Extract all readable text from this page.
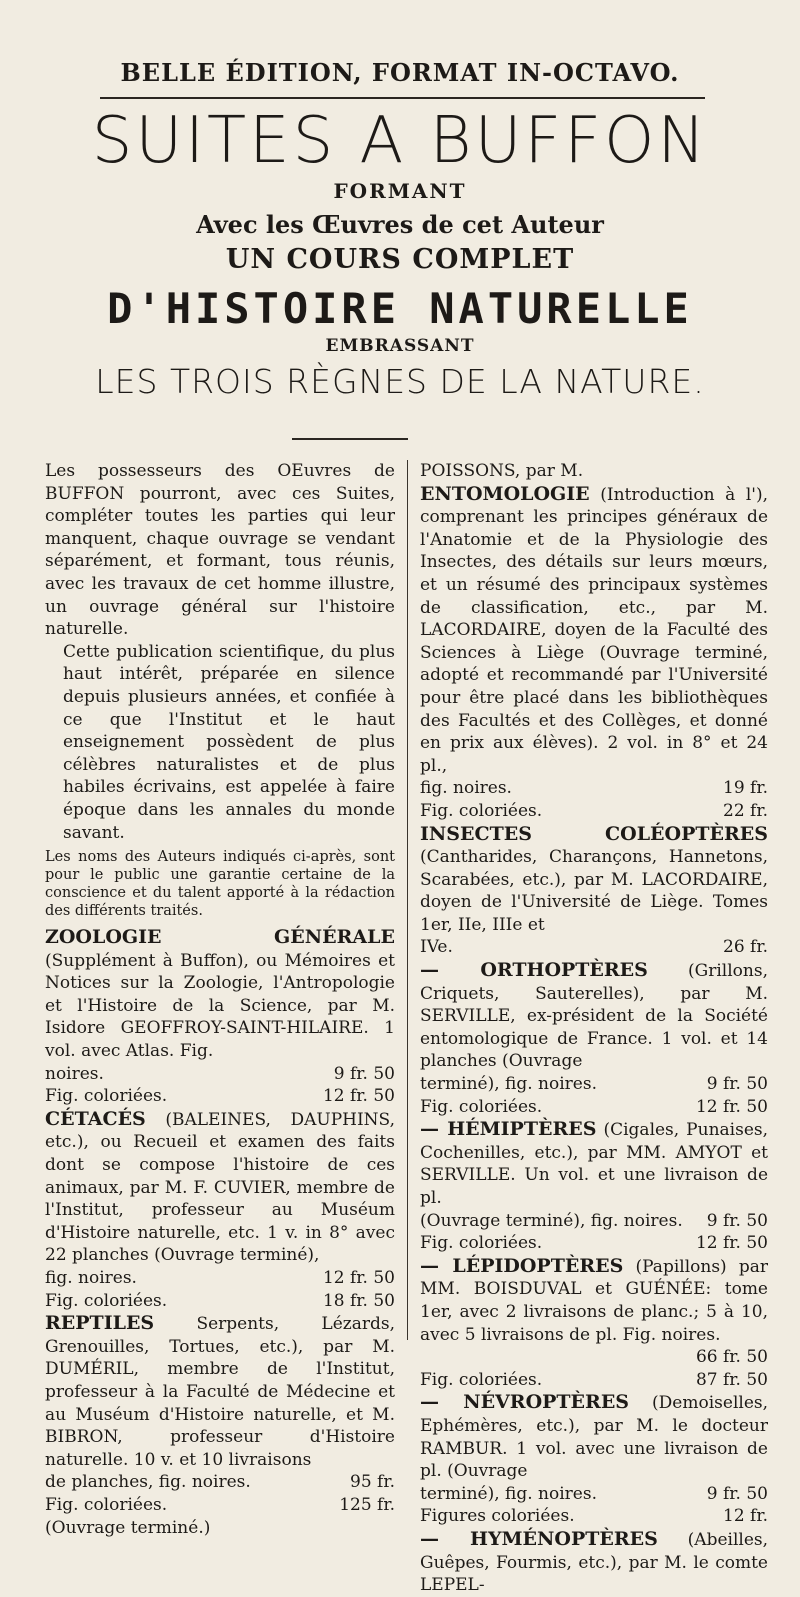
BELLE ÉDITION, FORMAT IN-OCTAVO.
SUITES A BUFFON
FORMANT
Avec les Œuvres de cet Auteur
UN COURS COMPLET
D'HISTOIRE NATURELLE
EMBRASSANT
LES TROIS RÈGNES DE LA NATURE.

Les possesseurs des OEuvres de BUFFON pourront, avec ces Suites, compléter toutes les parties qui leur manquent, chaque ouvrage se vendant séparément, et formant, tous réunis, avec les travaux de cet homme illustre, un ouvrage général sur l'histoire naturelle.

Cette publication scientifique, du plus haut intérêt, préparée en silence depuis plusieurs années, et confiée à ce que l'Institut et le haut enseignement possèdent de plus célèbres naturalistes et de plus habiles écrivains, est appelée à faire époque dans les annales du monde savant.

Les noms des Auteurs indiqués ci-après, sont pour le public une garantie certaine de la conscience et du talent apporté à la rédaction des différents traités.

ZOOLOGIE GÉNÉRALE (Supplément à Buffon), ou Mémoires et Notices sur la Zoologie, l'Antropologie et l'Histoire de la Science, par M. Isidore GEOFFROY-SAINT-HILAIRE. 1 vol. avec Atlas. Fig.

noires.	9 fr. 50
Fig. coloriées.	12 fr. 50

CÉTACÉS (BALEINES, DAUPHINS, etc.), ou Recueil et examen des faits dont se compose l'histoire de ces animaux, par M. F. CUVIER, membre de l'Institut, professeur au Muséum d'Histoire naturelle, etc. 1 v. in 8° avec 22 planches (Ouvrage terminé),

fig. noires.	12 fr. 50
Fig. coloriées.	18 fr. 50

REPTILES Serpents, Lézards, Grenouilles, Tortues, etc.), par M. DUMÉRIL, membre de l'Institut, professeur à la Faculté de Médecine et au Muséum d'Histoire naturelle, et M. BIBRON, professeur d'Histoire naturelle. 10 v. et 10 livraisons

de planches, fig. noires.	95 fr.
Fig. coloriées.	125 fr.

(Ouvrage terminé.)

POISSONS, par M.

ENTOMOLOGIE (Introduction à l'), comprenant les principes généraux de l'Anatomie et de la Physiologie des Insectes, des détails sur leurs mœurs, et un résumé des principaux systèmes de classification, etc., par M. LACORDAIRE, doyen de la Faculté des Sciences à Liège (Ouvrage terminé, adopté et recommandé par l'Université pour être placé dans les bibliothèques des Facultés et des Collèges, et donné en prix aux élèves). 2 vol. in 8° et 24 pl.,

fig. noires.	19 fr.
Fig. coloriées.	22 fr.

INSECTES COLÉOPTÈRES (Cantharides, Charançons, Hannetons, Scarabées, etc.), par M. LACORDAIRE, doyen de l'Université de Liège. Tomes 1er, IIe, IIIe et

IVe.	26 fr.

— ORTHOPTÈRES (Grillons, Criquets, Sauterelles), par M. SERVILLE, ex-président de la Société entomologique de France. 1 vol. et 14 planches (Ouvrage

terminé), fig. noires.	9 fr. 50
Fig. coloriées.	12 fr. 50

— HÉMIPTÈRES (Cigales, Punaises, Cochenilles, etc.), par MM. AMYOT et SERVILLE. Un vol. et une livraison de pl.

(Ouvrage terminé), fig. noires. 9 fr. 50
Fig. coloriées.	12 fr. 50

— LÉPIDOPTÈRES (Papillons) par MM. BOISDUVAL et GUÉNÉE: tome 1er, avec 2 livraisons de planc.; 5 à 10, avec 5 livraisons de pl. Fig. noires.

66 fr. 50
Fig. coloriées.	87 fr. 50

— NÉVROPTÈRES (Demoiselles, Ephémères, etc.), par M. le docteur RAMBUR. 1 vol. avec une livraison de pl. (Ouvrage

terminé), fig. noires.	9 fr. 50
Figures coloriées.	12 fr.

— HYMÉNOPTÈRES (Abeilles, Guêpes, Fourmis, etc.), par M. le comte LEPEL-
